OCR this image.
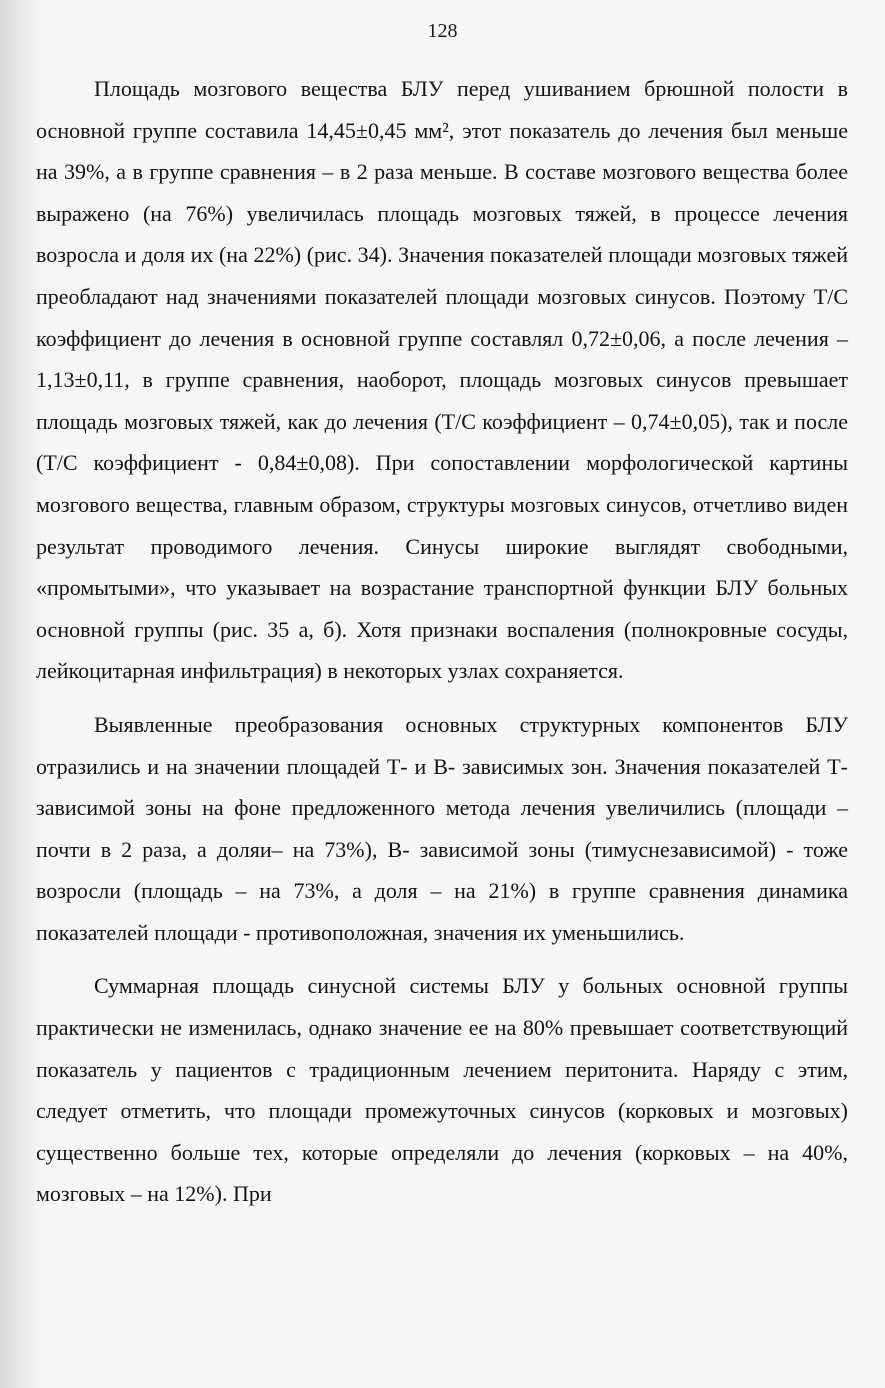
128

Площадь мозгового вещества БЛУ перед ушиванием брюшной полости в основной группе составила 14,45±0,45 мм², этот показатель до лечения был меньше на 39%, а в группе сравнения – в 2 раза меньше. В составе мозгового вещества более выражено (на 76%) увеличилась площадь мозговых тяжей, в процессе лечения возросла и доля их (на 22%) (рис. 34). Значения показателей площади мозговых тяжей преобладают над значениями показателей площади мозговых синусов. Поэтому Т/С коэффициент до лечения в основной группе составлял 0,72±0,06, а после лечения – 1,13±0,11, в группе сравнения, наоборот, площадь мозговых синусов превышает площадь мозговых тяжей, как до лечения (Т/С коэффициент – 0,74±0,05), так и после (Т/С коэффициент - 0,84±0,08). При сопоставлении морфологической картины мозгового вещества, главным образом, структуры мозговых синусов, отчетливо виден результат проводимого лечения. Синусы широкие выглядят свободными, «промытыми», что указывает на возрастание транспортной функции БЛУ больных основной группы (рис. 35 а, б). Хотя признаки воспаления (полнокровные сосуды, лейкоцитарная инфильтрация) в некоторых узлах сохраняется.

Выявленные преобразования основных структурных компонентов БЛУ отразились и на значении площадей Т- и В- зависимых зон. Значения показателей Т- зависимой зоны на фоне предложенного метода лечения увеличились (площади – почти в 2 раза, а доляи– на 73%), В- зависимой зоны (тимуснезависимой) - тоже возросли (площадь – на 73%, а доля – на 21%) в группе сравнения динамика показателей площади - противоположная, значения их уменьшились.

Суммарная площадь синусной системы БЛУ у больных основной группы практически не изменилась, однако значение ее на 80% превышает соответствующий показатель у пациентов с традиционным лечением перитонита. Наряду с этим, следует отметить, что площади промежуточных синусов (корковых и мозговых) существенно больше тех, которые определяли до лечения (корковых – на 40%, мозговых – на 12%). При
